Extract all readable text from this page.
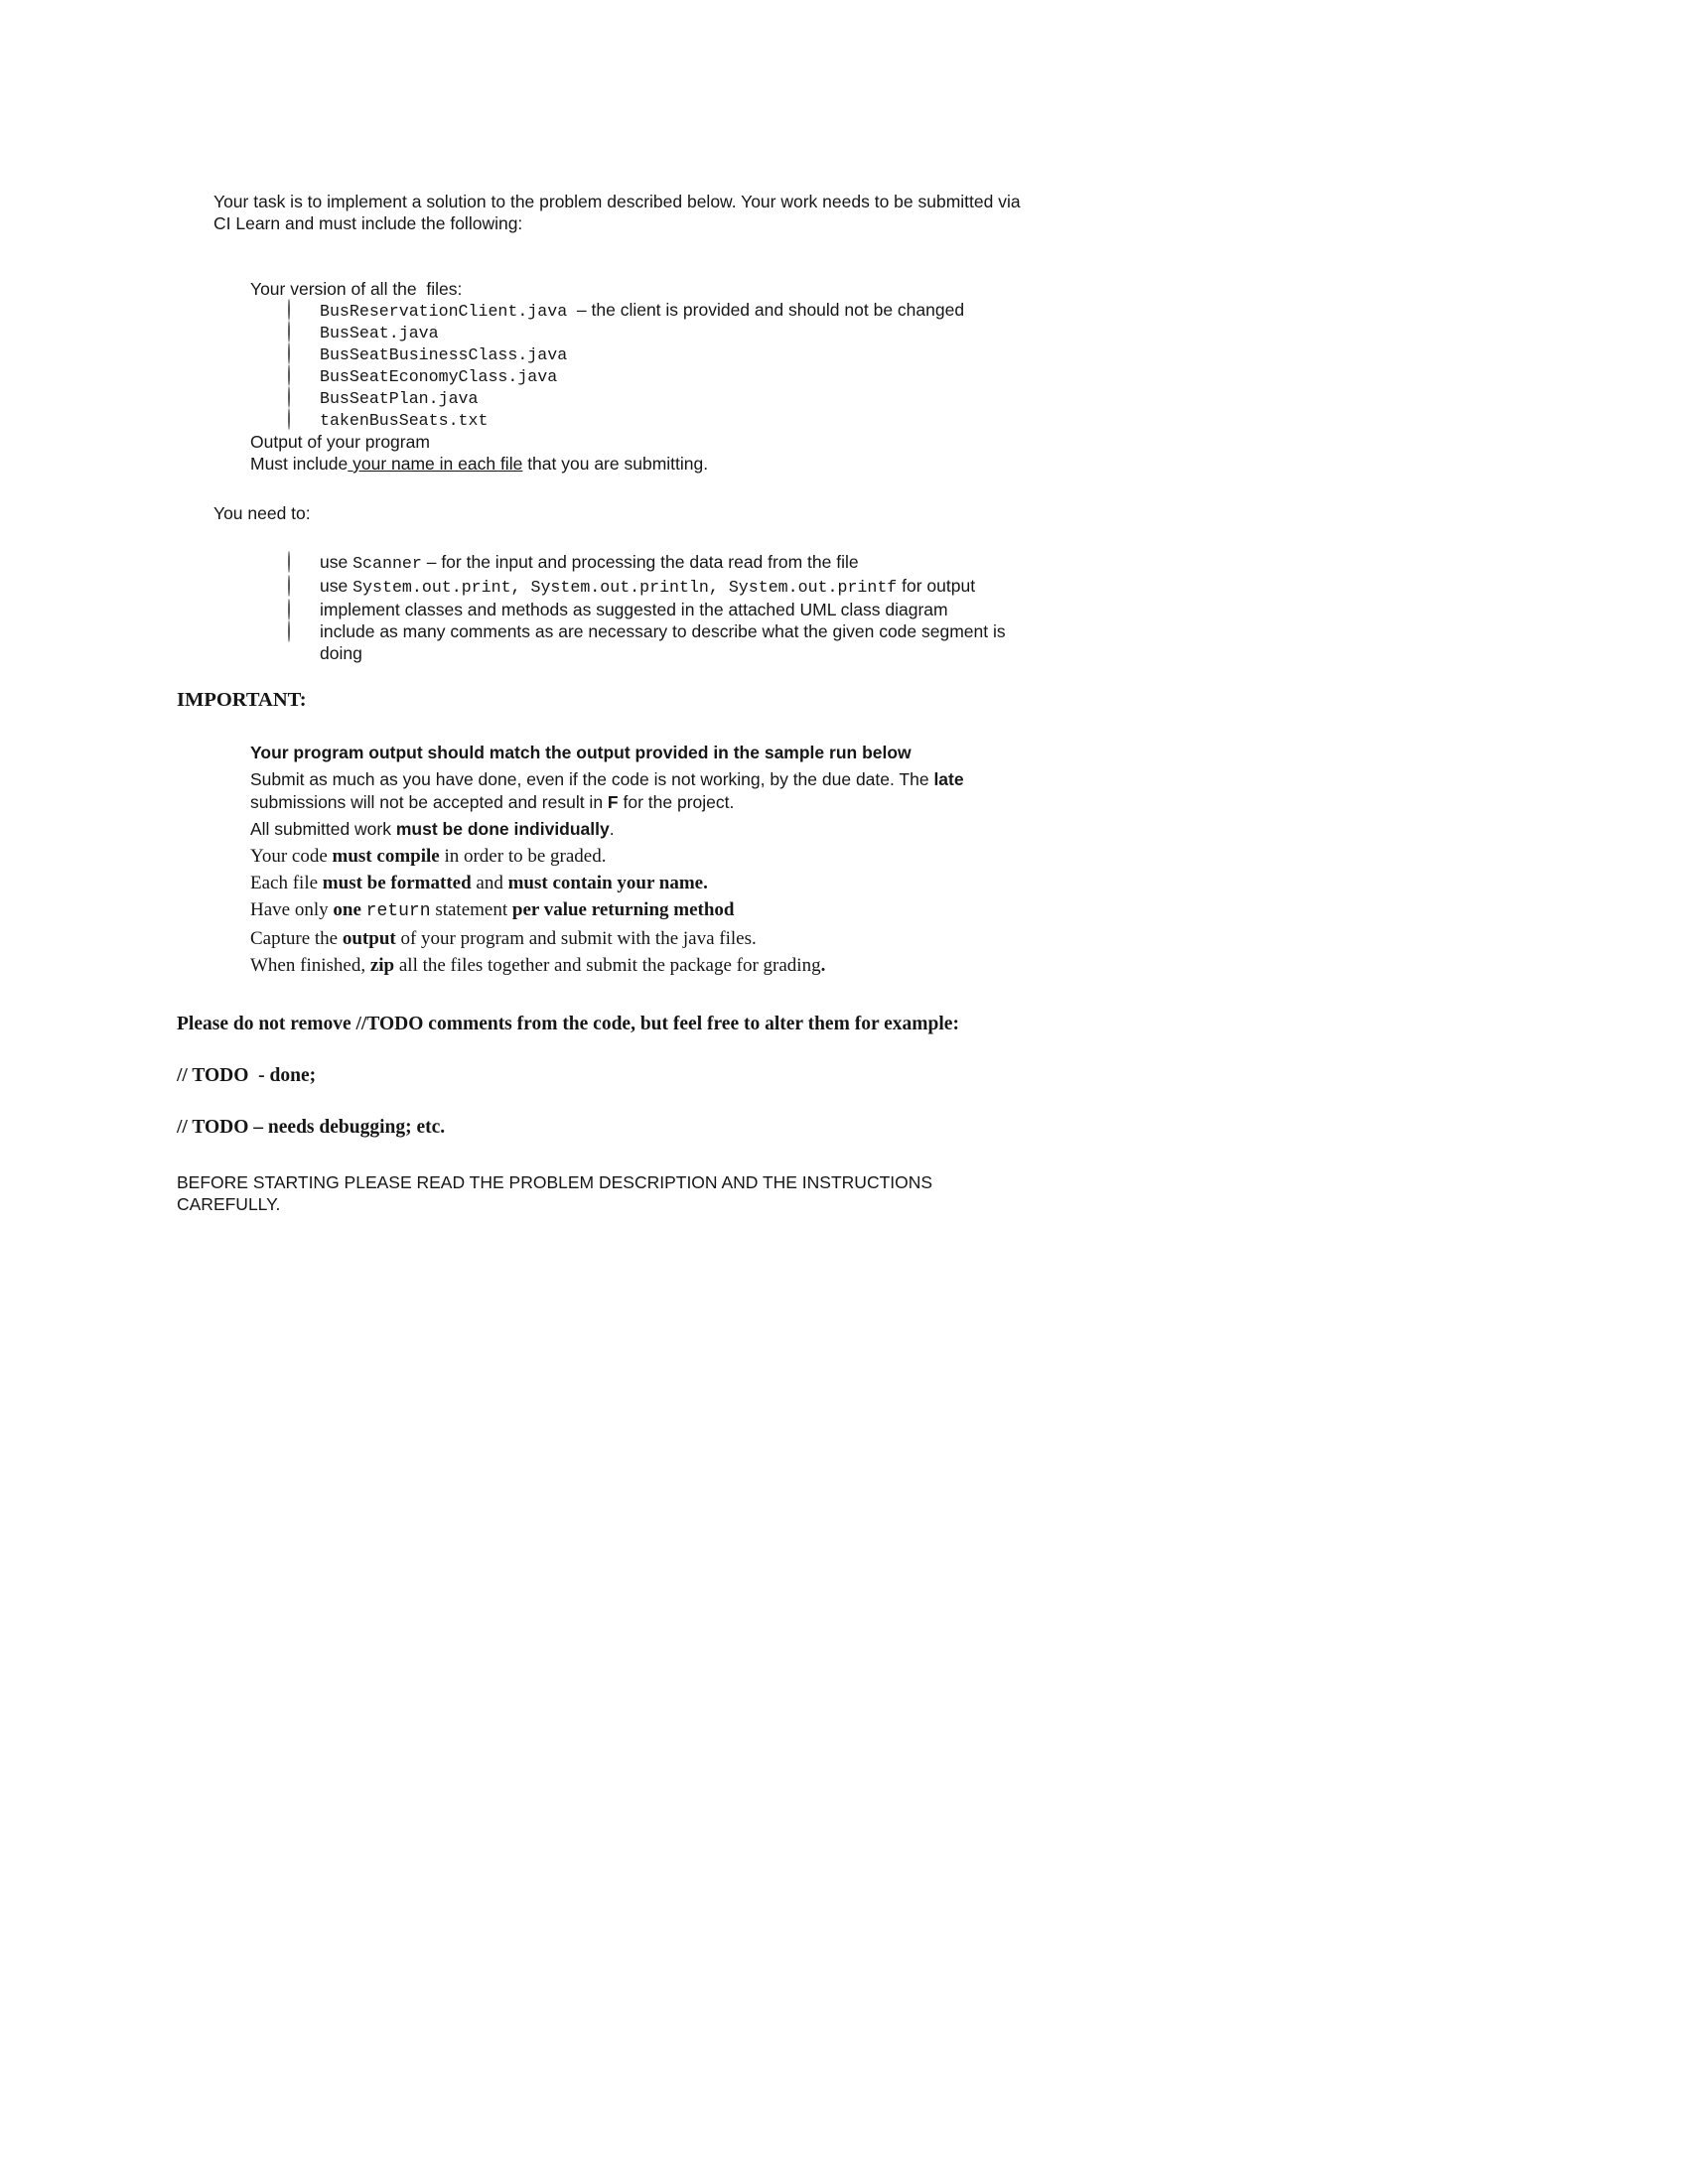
Your task is to implement a solution to the problem described below. Your work needs to be submitted via CI Learn and must include the following:

Your version of all the  files:
BusReservationClient.java  – the client is provided and should not be changed
BusSeat.java
BusSeatBusinessClass.java
BusSeatEconomyClass.java
BusSeatPlan.java
takenBusSeats.txt
Output of your program
Must include your name in each file that you are submitting.

You need to:

use Scanner – for the input and processing the data read from the file
use System.out.print, System.out.println, System.out.printf for output
implement classes and methods as suggested in the attached UML class diagram
include as many comments as are necessary to describe what the given code segment is doing

IMPORTANT:

Your program output should match the output provided in the sample run below
Submit as much as you have done, even if the code is not working, by the due date. The late submissions will not be accepted and result in F for the project.
All submitted work must be done individually.
Your code must compile in order to be graded.
Each file must be formatted and must contain your name.
Have only one return statement per value returning method
Capture the output of your program and submit with the java files.
When finished, zip all the files together and submit the package for grading.

Please do not remove //TODO comments from the code, but feel free to alter them for example:

// TODO  - done;

// TODO – needs debugging; etc.

BEFORE STARTING PLEASE READ THE PROBLEM DESCRIPTION AND THE INSTRUCTIONS CAREFULLY.
